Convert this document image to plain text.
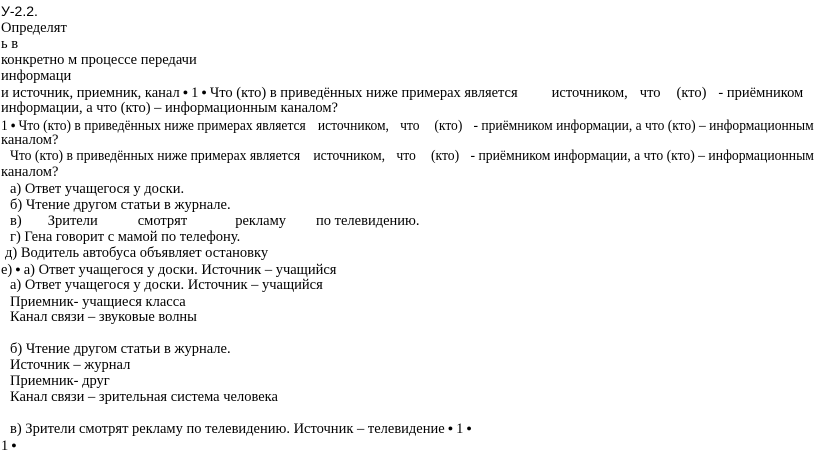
У-2.2.
Определят
ь в
конкретно м процессе передачи
информаци
и источник, приемник, канал ● 1 ● Что (кто) в приведённых ниже примерах является источником, что (кто) - приёмником
информации, а что (кто) – информационным каналом?
1 ● Что (кто) в приведённых ниже примерах является источником, что (кто) - приёмником информации, а что (кто) – информационным
каналом?
Что (кто) в приведённых ниже примерах является источником, что (кто) - приёмником информации, а что (кто) – информационным
каналом?
а) Ответ учащегося у доски.
б) Чтение другом статьи в журнале.
в) Зрители	смотрят	рекламу по телевидению.
г) Гена говорит с мамой по телефону.
д) Водитель автобуса объявляет остановку
е) ● а) Ответ учащегося у доски. Источник – учащийся
а) Ответ учащегося у доски. Источник – учащийся
Приемник- учащиеся класса
Канал связи – звуковые волны
б) Чтение другом статьи в журнале.
Источник – журнал
Приемник- друг
Канал связи – зрительная система человека
в) Зрители смотрят рекламу по телевидению. Источник – телевидение ● 1 ●
1 ●
